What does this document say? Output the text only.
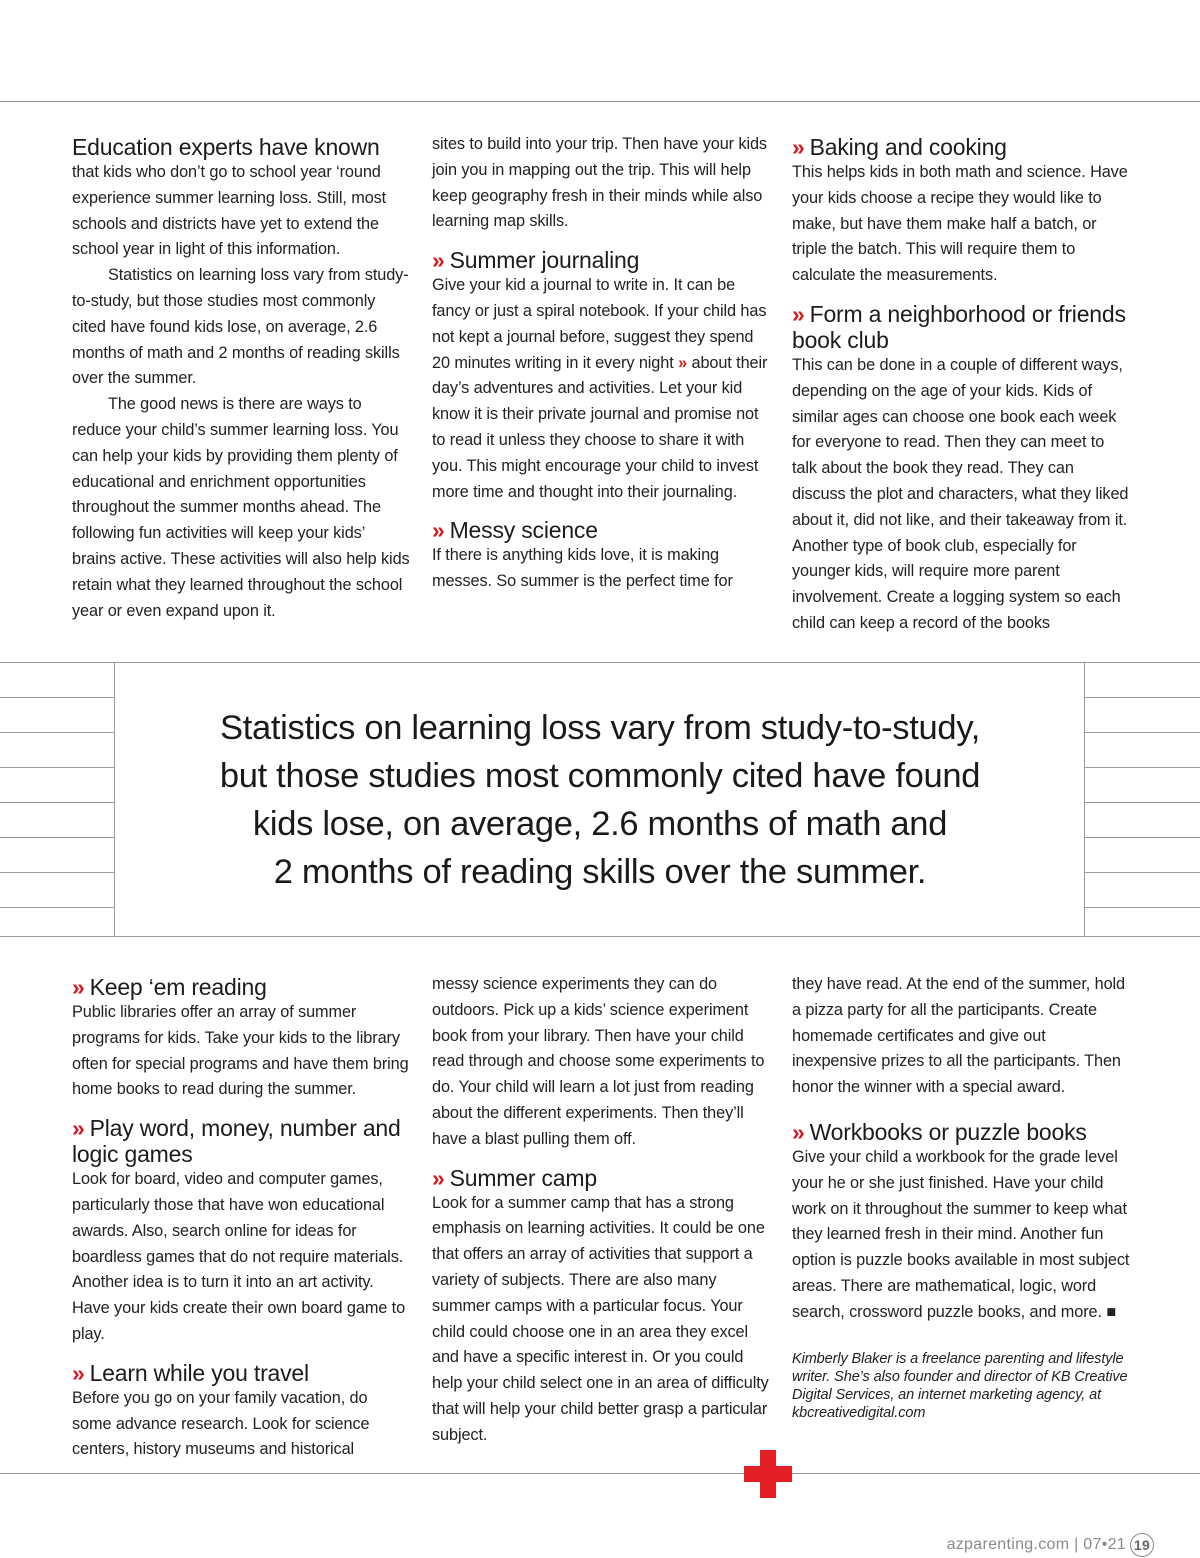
Education experts have known

that kids who don’t go to school year ‘round experience summer learning loss. Still, most schools and districts have yet to extend the school year in light of this information.

Statistics on learning loss vary from study-to-study, but those studies most commonly cited have found kids lose, on average, 2.6 months of math and 2 months of reading skills over the summer.

The good news is there are ways to reduce your child’s summer learning loss. You can help your kids by providing them plenty of educational and enrichment opportunities throughout the summer months ahead. The following fun activities will keep your kids’ brains active. These activities will also help kids retain what they learned throughout the school year or even expand upon it.

sites to build into your trip. Then have your kids join you in mapping out the trip. This will help keep geography fresh in their minds while also learning map skills.

» Summer journaling

Give your kid a journal to write in. It can be fancy or just a spiral notebook. If your child has not kept a journal before, suggest they spend 20 minutes writing in it every night » about their day’s adventures and activities. Let your kid know it is their private journal and promise not to read it unless they choose to share it with you. This might encourage your child to invest more time and thought into their journaling.

» Messy science

If there is anything kids love, it is making messes. So summer is the perfect time for

» Baking and cooking

This helps kids in both math and science. Have your kids choose a recipe they would like to make, but have them make half a batch, or triple the batch. This will require them to calculate the measurements.

» Form a neighborhood or friends book club

This can be done in a couple of different ways, depending on the age of your kids. Kids of similar ages can choose one book each week for everyone to read. Then they can meet to talk about the book they read. They can discuss the plot and characters, what they liked about it, did not like, and their takeaway from it. Another type of book club, especially for younger kids, will require more parent involvement. Create a logging system so each child can keep a record of the books

Statistics on learning loss vary from study-to-study,
but those studies most commonly cited have found
kids lose, on average, 2.6 months of math and
2 months of reading skills over the summer.
» Keep ‘em reading

Public libraries offer an array of summer programs for kids. Take your kids to the library often for special programs and have them bring home books to read during the summer.

» Play word, money, number and logic games

Look for board, video and computer games, particularly those that have won educational awards. Also, search online for ideas for boardless games that do not require materials. Another idea is to turn it into an art activity. Have your kids create their own board game to play.

» Learn while you travel

Before you go on your family vacation, do some advance research. Look for science centers, history museums and historical

messy science experiments they can do outdoors. Pick up a kids’ science experiment book from your library. Then have your child read through and choose some experiments to do. Your child will learn a lot just from reading about the different experiments. Then they’ll have a blast pulling them off.

» Summer camp

Look for a summer camp that has a strong emphasis on learning activities. It could be one that offers an array of activities that support a variety of subjects. There are also many summer camps with a particular focus. Your child could choose one in an area they excel and have a specific interest in. Or you could help your child select one in an area of difficulty that will help your child better grasp a particular subject.

they have read. At the end of the summer, hold a pizza party for all the participants. Create homemade certificates and give out inexpensive prizes to all the participants. Then honor the winner with a special award.

» Workbooks or puzzle books

Give your child a workbook for the grade level your he or she just finished. Have your child work on it throughout the summer to keep what they learned fresh in their mind. Another fun option is puzzle books available in most subject areas. There are mathematical, logic, word search, crossword puzzle books, and more. ■

Kimberly Blaker is a freelance parenting and lifestyle writer. She’s also founder and director of KB Creative Digital Services, an internet marketing agency, at kbcreativedigital.com
azparenting.com | 07•21 19
